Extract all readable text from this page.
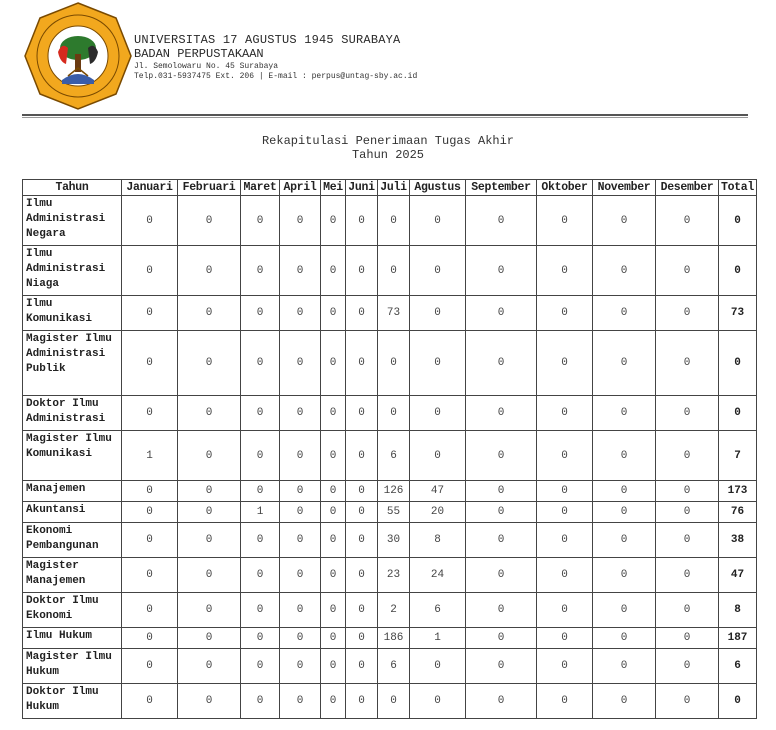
UNIVERSITAS 17 AGUSTUS 1945 SURABAYA
BADAN PERPUSTAKAAN
Jl. Semolowaru No. 45 Surabaya
Telp.031-5937475 Ext. 206 | E-mail : perpus@untag-sby.ac.id
Rekapitulasi Penerimaan Tugas Akhir
Tahun 2025
Tahun	Januari	Februari	Maret	April	Mei	Juni	Juli	Agustus	September	Oktober	November	Desember	Total
Ilmu Administrasi Negara	0	0	0	0	0	0	0	0	0	0	0	0	0
Ilmu Administrasi Niaga	0	0	0	0	0	0	0	0	0	0	0	0	0
Ilmu Komunikasi	0	0	0	0	0	0	73	0	0	0	0	0	73
Magister Ilmu Administrasi Publik	0	0	0	0	0	0	0	0	0	0	0	0	0
Doktor Ilmu Administrasi	0	0	0	0	0	0	0	0	0	0	0	0	0
Magister Ilmu Komunikasi	1	0	0	0	0	0	6	0	0	0	0	0	7
Manajemen	0	0	0	0	0	0	126	47	0	0	0	0	173
Akuntansi	0	0	1	0	0	0	55	20	0	0	0	0	76
Ekonomi Pembangunan	0	0	0	0	0	0	30	8	0	0	0	0	38
Magister Manajemen	0	0	0	0	0	0	23	24	0	0	0	0	47
Doktor Ilmu Ekonomi	0	0	0	0	0	0	2	6	0	0	0	0	8
Ilmu Hukum	0	0	0	0	0	0	186	1	0	0	0	0	187
Magister Ilmu Hukum	0	0	0	0	0	0	6	0	0	0	0	0	6
Doktor Ilmu Hukum	0	0	0	0	0	0	0	0	0	0	0	0	0
